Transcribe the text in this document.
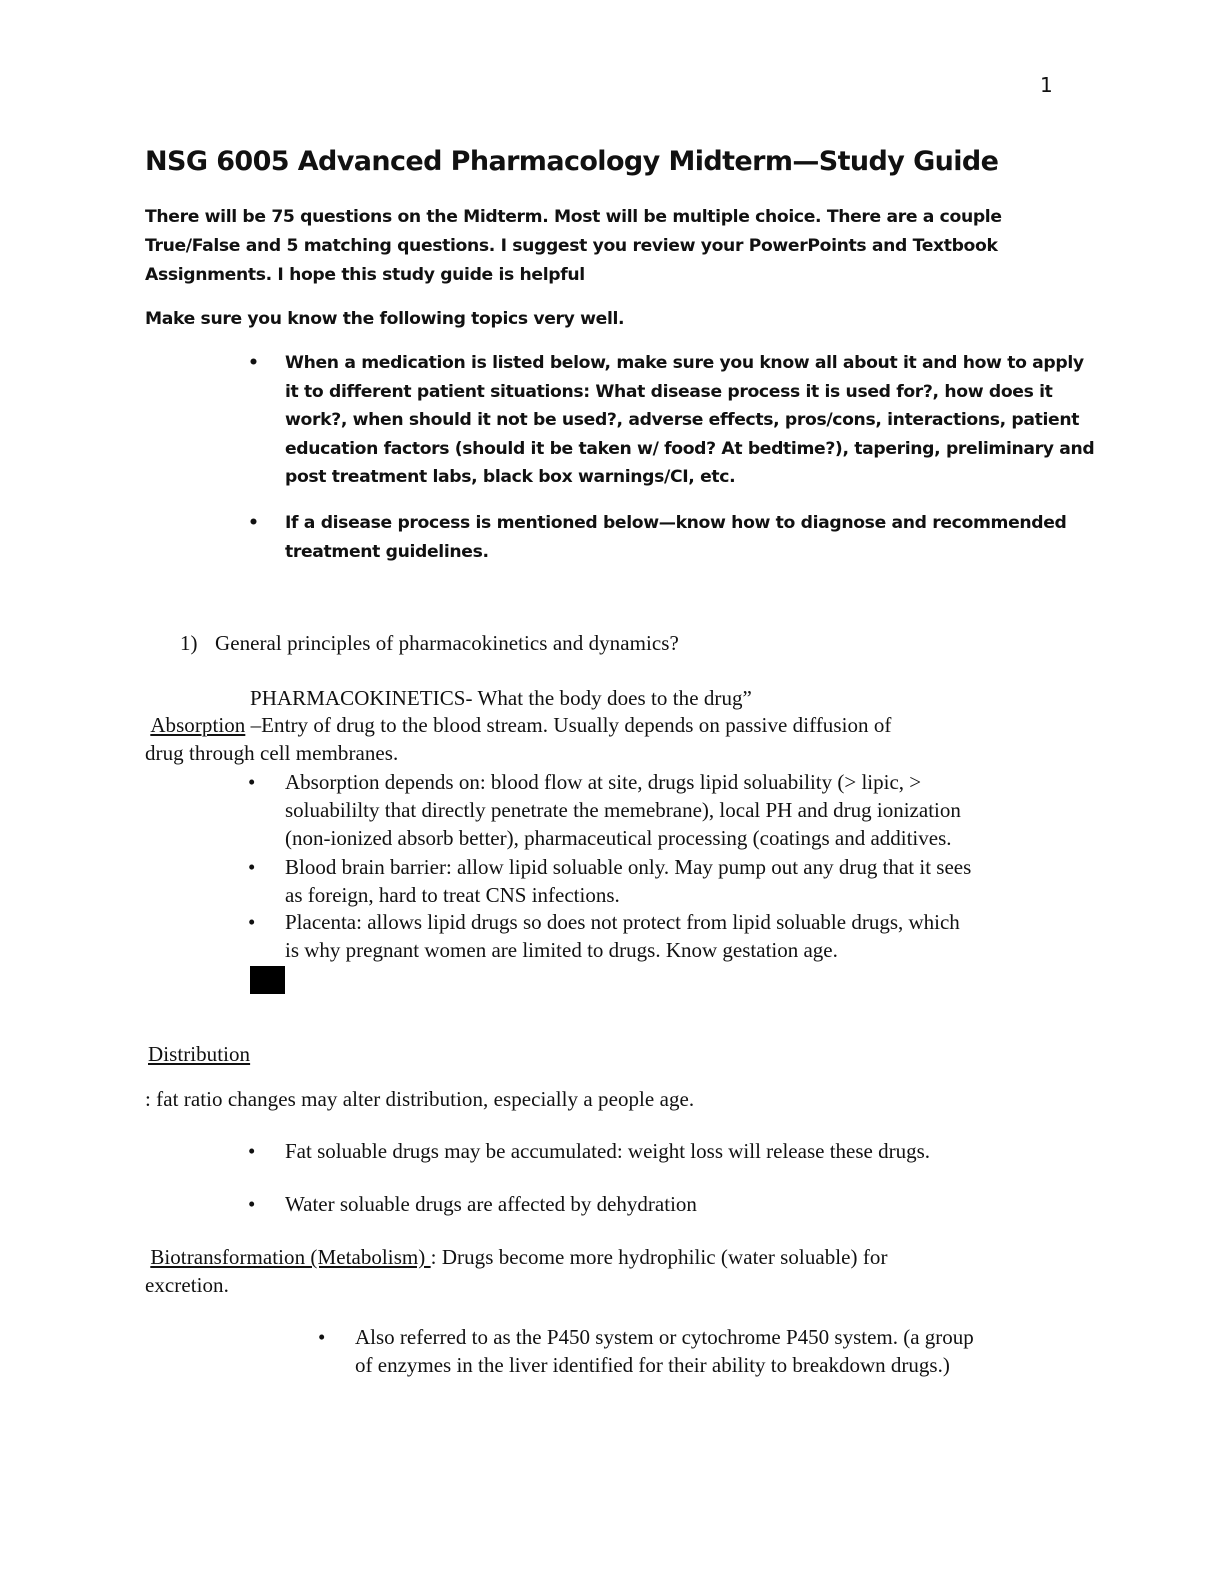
1
NSG 6005 Advanced Pharmacology Midterm—Study Guide
There will be 75 questions on the Midterm. Most will be multiple choice. There are a couple
True/False and 5 matching questions. I suggest you review your PowerPoints and Textbook
Assignments. I hope this study guide is helpful
Make sure you know the following topics very well.
• When a medication is listed below, make sure you know all about it and how to apply
it to different patient situations: What disease process it is used for?, how does it
work?, when should it not be used?, adverse effects, pros/cons, interactions, patient
education factors (should it be taken w/ food? At bedtime?), tapering, preliminary and
post treatment labs, black box warnings/CI, etc.
• If a disease process is mentioned below—know how to diagnose and recommended
treatment guidelines.
1) General principles of pharmacokinetics and dynamics?
PHARMACOKINETICS- What the body does to the drug”
Absorption –Entry of drug to the blood stream. Usually depends on passive diffusion of
drug through cell membranes.
• Absorption depends on: blood flow at site, drugs lipid soluability (> lipic, >
soluabililty that directly penetrate the memebrane), local PH and drug ionization
(non-ionized absorb better), pharmaceutical processing (coatings and additives.
• Blood brain barrier: allow lipid soluable only. May pump out any drug that it sees
as foreign, hard to treat CNS infections.
• Placenta: allows lipid drugs so does not protect from lipid soluable drugs, which
is why pregnant women are limited to drugs. Know gestation age.
Distribution
: fat ratio changes may alter distribution, especially a people age.
• Fat soluable drugs may be accumulated: weight loss will release these drugs.
• Water soluable drugs are affected by dehydration
Biotransformation (Metabolism) : Drugs become more hydrophilic (water soluable) for
excretion.
• Also referred to as the P450 system or cytochrome P450 system. (a group
of enzymes in the liver identified for their ability to breakdown drugs.)
